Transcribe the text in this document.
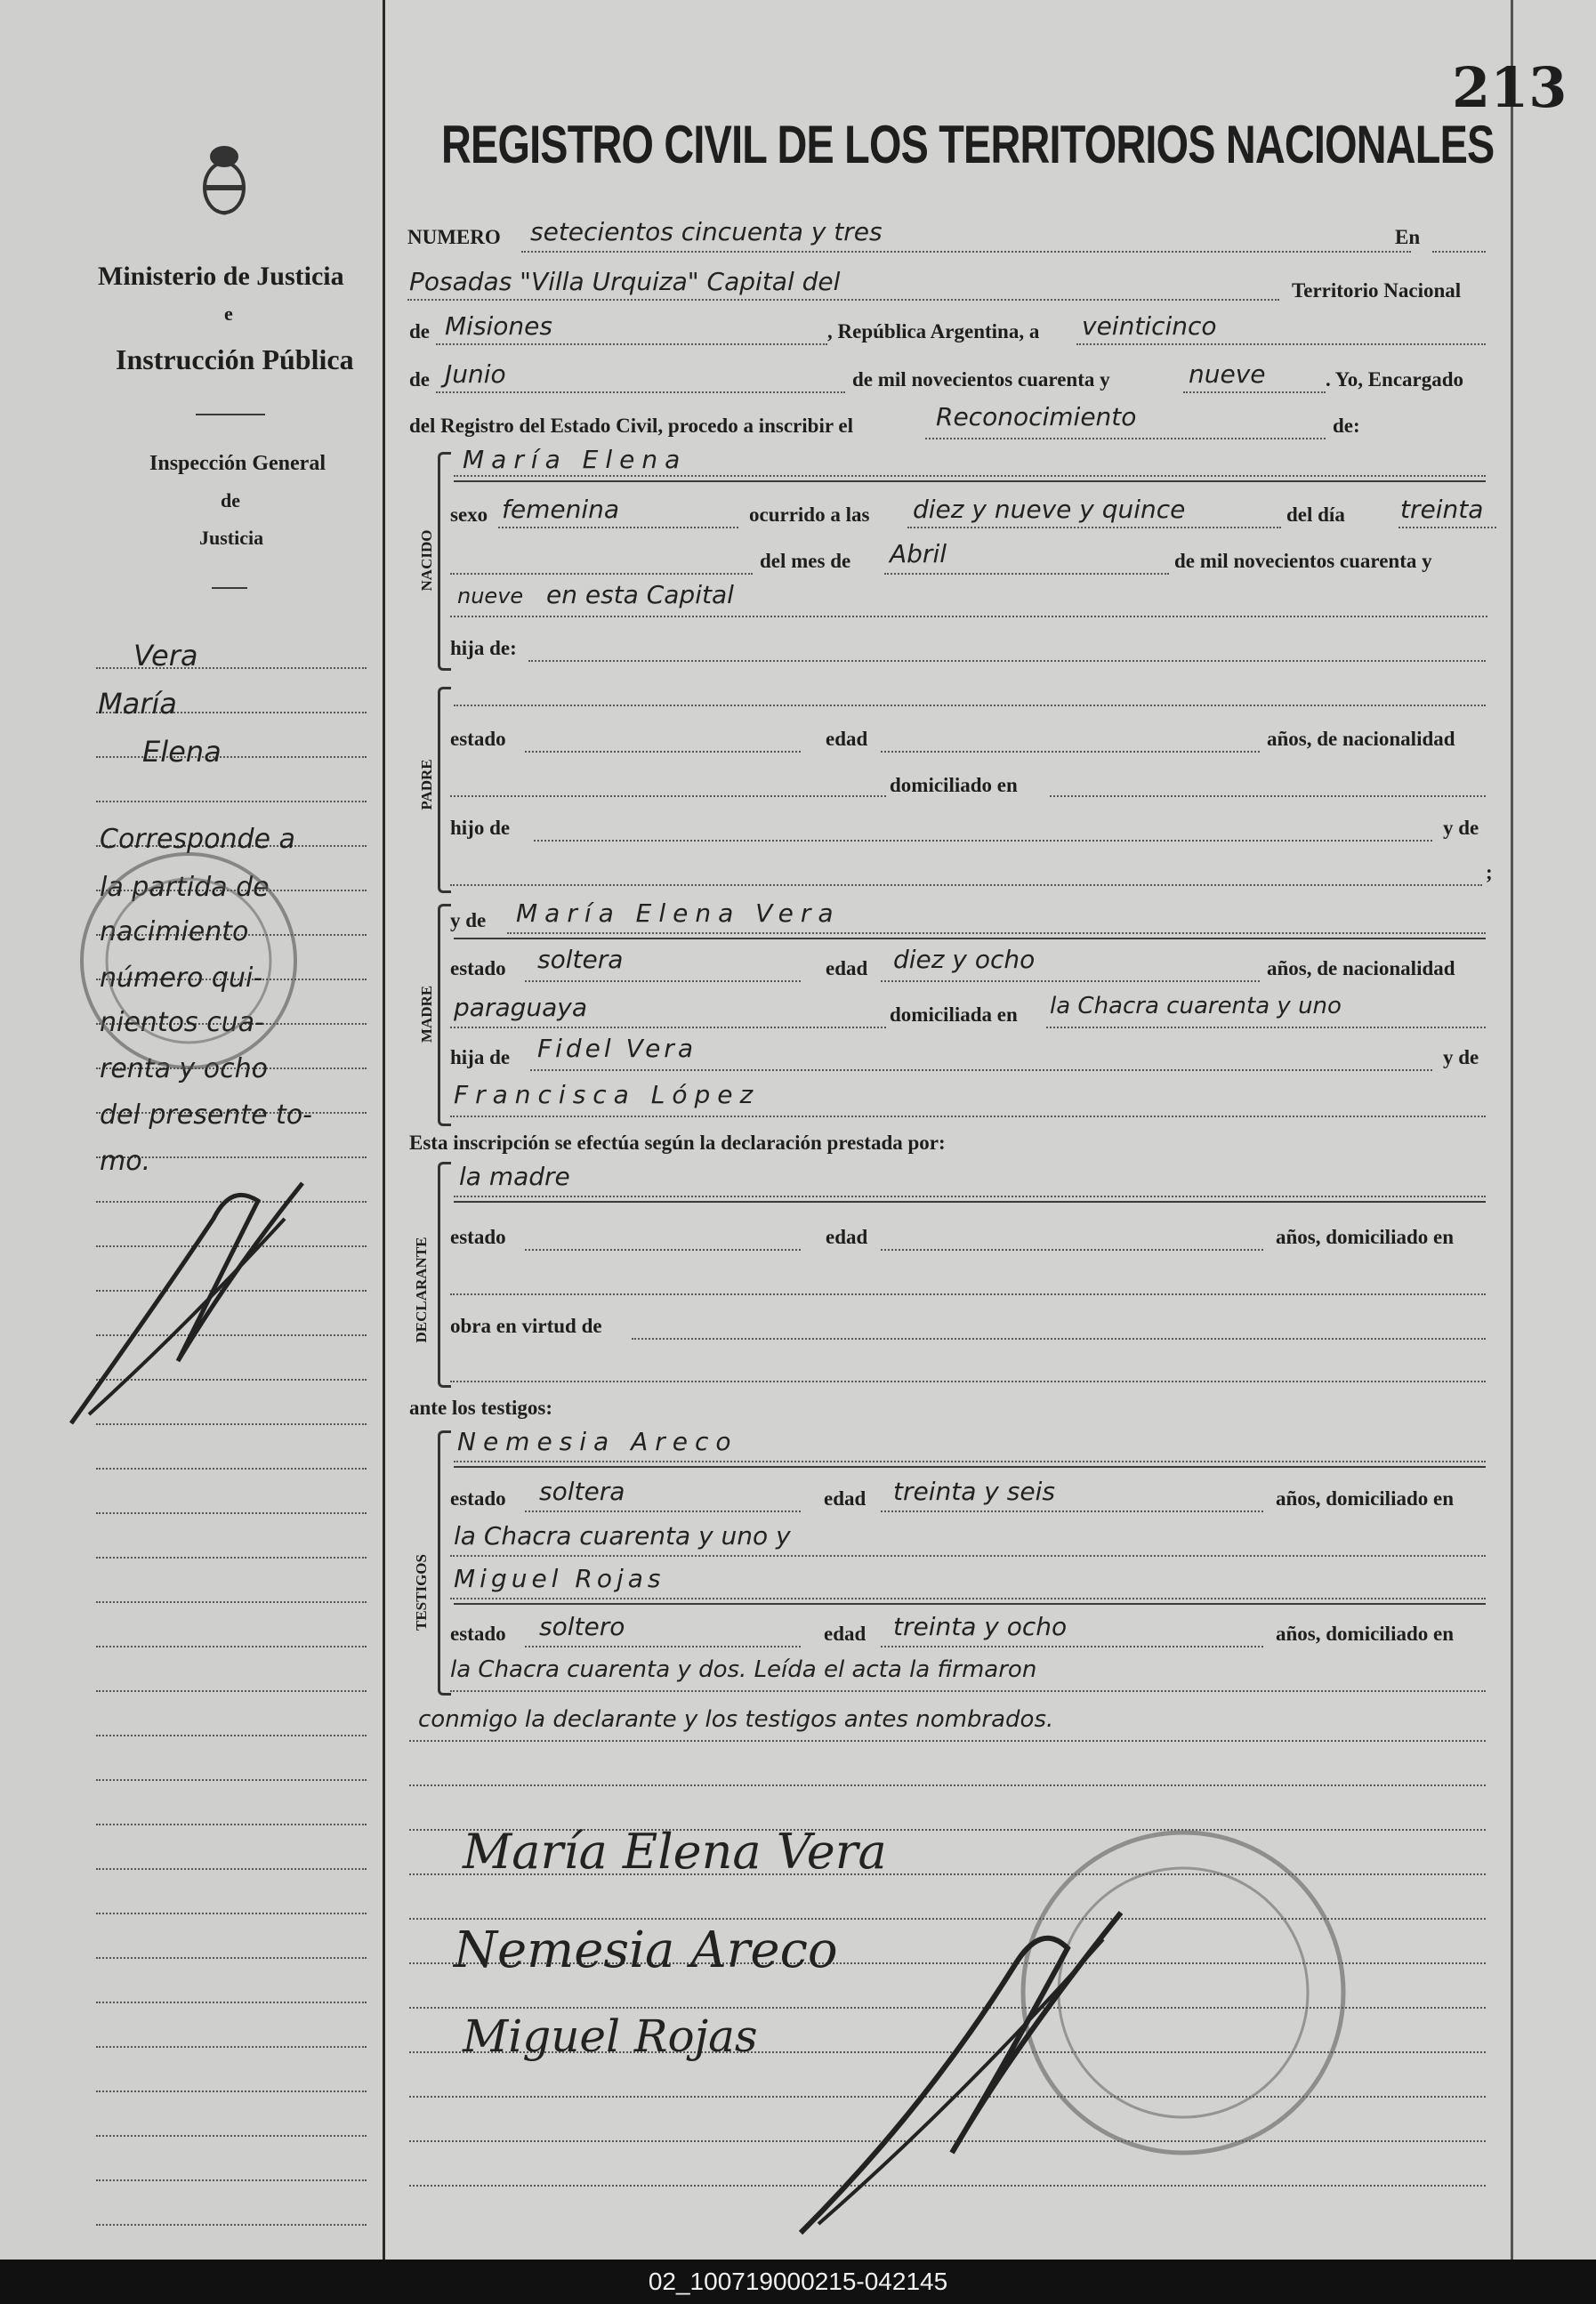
Ministerio de Justicia
e
Instrucción Pública
Inspección General
de
Justicia
Vera
María
Elena
Corresponde a
la partida de
nacimiento
número qui-
nientos cua-
renta y ocho
del presente to-
mo.
213
REGISTRO CIVIL DE LOS TERRITORIOS NACIONALES
NUMERO setecientos cincuenta y tres	En
Posadas "Villa Urquiza" Capital del	Territorio Nacional
de Misiones	, República Argentina, a veinticinco
de Junio	de mil novecientos cuarenta y	nueve	. Yo, Encargado
del Registro del Estado Civil, procedo a inscribir el	Reconocimiento	de:
NACIDO
María Elena
sexo femenina	ocurrido a las diez y nueve y quince	del día treinta
del mes de Abril	de mil novecientos cuarenta y
nueve en esta Capital
hija de:
PADRE
estado	edad	años, de nacionalidad
domiciliado en
hijo de	y de
;
MADRE
y de María Elena Vera
estado soltera	edad diez y ocho	años, de nacionalidad
paraguaya	domiciliada en la Chacra cuarenta y uno
hija de Fidel Vera	y de
Francisca López
Esta inscripción se efectúa según la declaración prestada por:
DECLARANTE
la madre
estado	edad	años, domiciliado en
obra en virtud de
ante los testigos:
TESTIGOS
Nemesia Areco
estado soltera	edad treinta y seis	años, domiciliado en
la Chacra cuarenta y uno y
Miguel Rojas
estado soltero	edad treinta y ocho	años, domiciliado en
la Chacra cuarenta y dos. Leída el acta la firmaron
conmigo la declarante y los testigos antes nombrados.
María Elena Vera
Nemesia Areco
Miguel Rojas
02_100719000215-042145
